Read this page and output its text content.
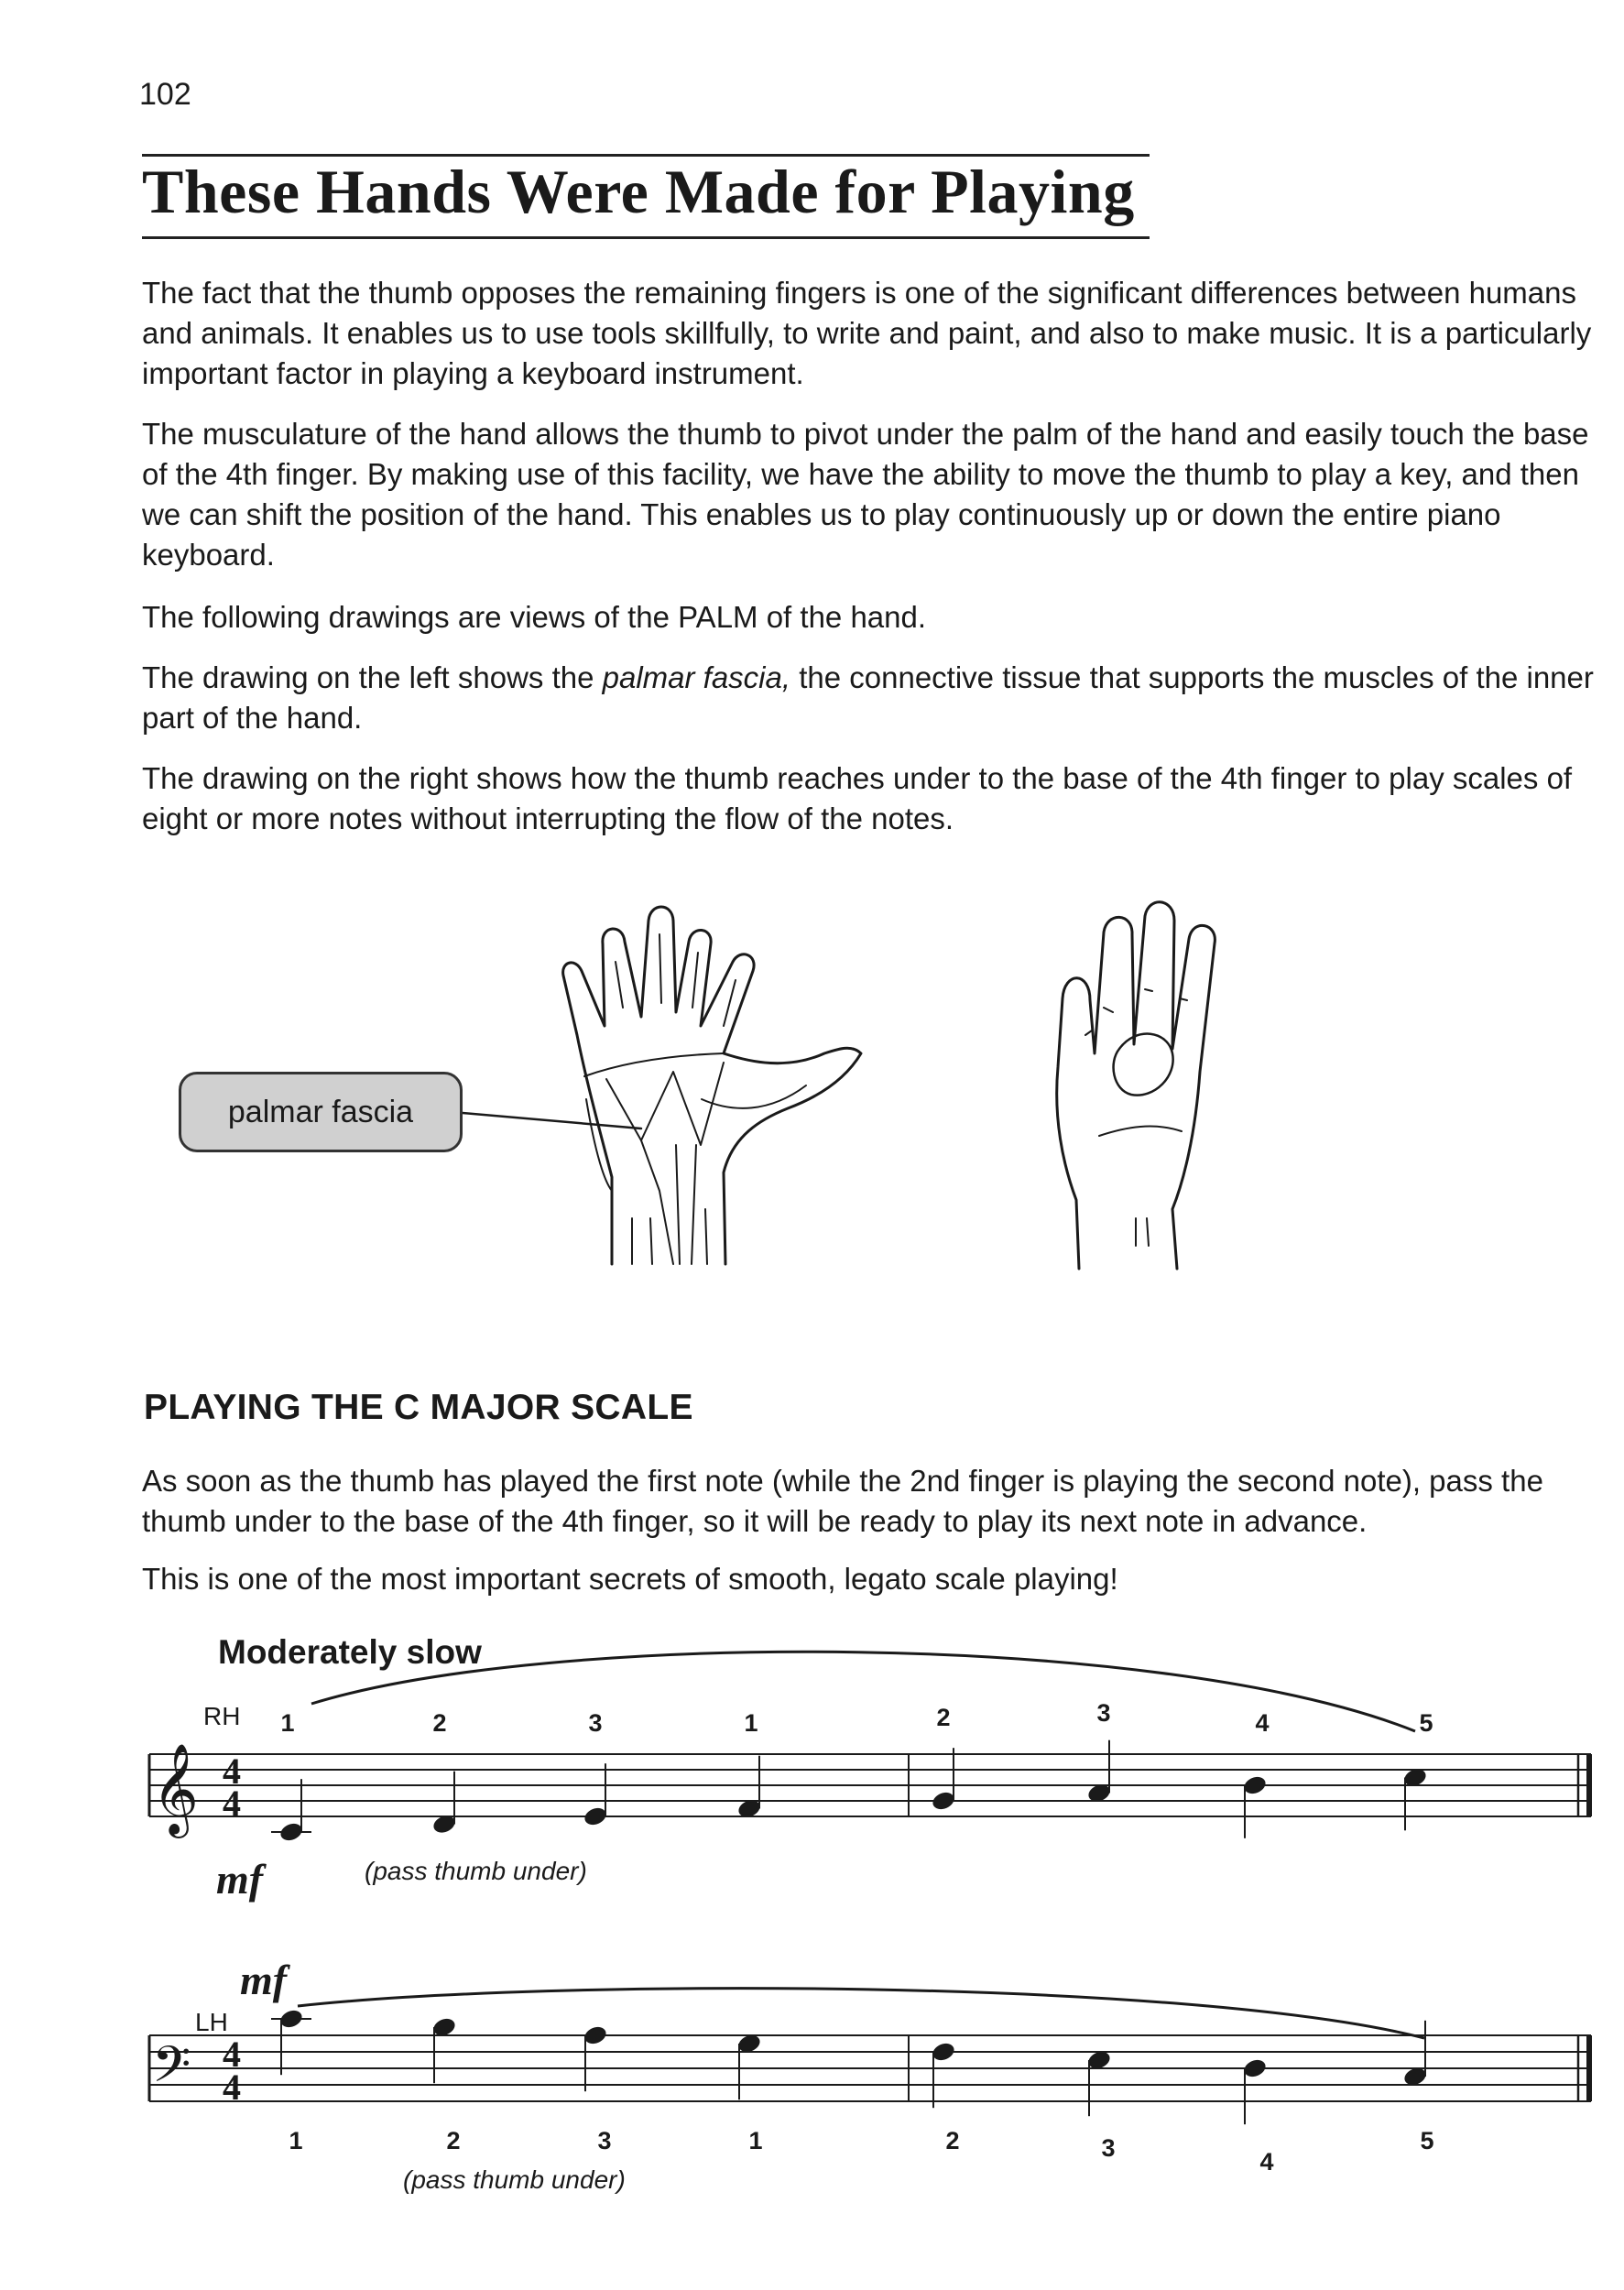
102
These Hands Were Made for Playing

The fact that the thumb opposes the remaining fingers is one of the significant differences between humans and animals. It enables us to use tools skillfully, to write and paint, and also to make music. It is a particularly important factor in playing a keyboard instrument.

The musculature of the hand allows the thumb to pivot under the palm of the hand and easily touch the base of the 4th finger. By making use of this facility, we have the ability to move the thumb to play a key, and then we can shift the position of the hand. This enables us to play continuously up or down the entire piano keyboard.

The following drawings are views of the PALM of the hand.

The drawing on the left shows the palmar fascia, the connective tissue that supports the muscles of the inner part of the hand.

The drawing on the right shows how the thumb reaches under to the base of the 4th finger to play scales of eight or more notes without interrupting the flow of the notes.

palmar fascia
PLAYING THE C MAJOR SCALE

As soon as the thumb has played the first note (while the 2nd finger is playing the second note), pass the thumb under to the base of the 4th finger, so it will be ready to play its next note in advance.

This is one of the most important secrets of smooth, legato scale playing!

Moderately slow
𝄞
𝄢
4
4
4
4
RH
LH
mf
mf
(pass thumb under)
(pass thumb under)
1	2	3	1	2	3	4	5
1	2	3	1	2	3	4
5
